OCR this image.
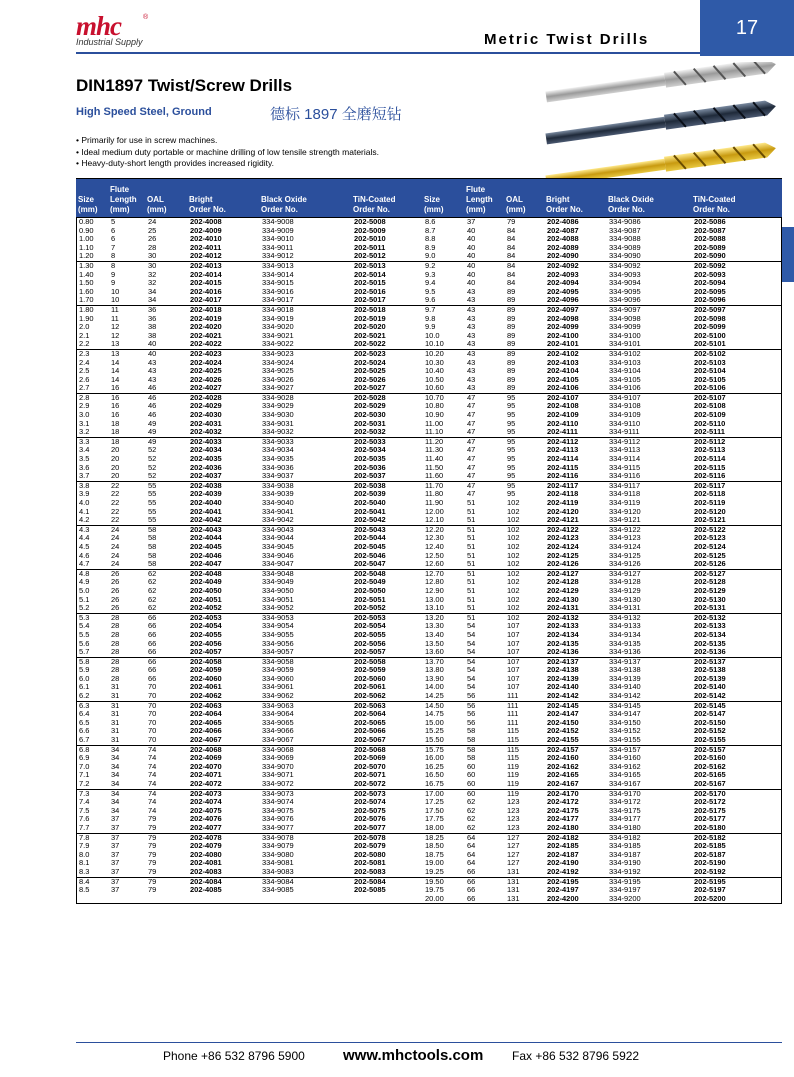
mhc	®
Industrial Supply	Metric Twist Drills
17
DIN1897 Twist/Screw Drills
High Speed Steel, Ground	德标 1897 全磨短钻
• Primarily for use in screw machines.
• Ideal medium duty portable or machine drilling of low tensile strength materials.
• Heavy-duty-short length provides increased rigidity.

Size
(mm)
Flute
Length
(mm)

OAL
(mm)

Bright
Order No.

Black Oxide
Order No.

TiN-Coated
Order No.

Size
(mm)
Flute
Length
(mm)

OAL
(mm)

Bright
Order No.

Black Oxide
Order No.

TiN-Coated
Order No.
0.80 5	24	202-4008	334-9008	202-5008	8.6	37	79	202-4086	334-9086	202-5086
0.90 6	25	202-4009	334-9009	202-5009	8.7	40	84	202-4087	334-9087	202-5087
1.00 6	26	202-4010	334-9010	202-5010	8.8	40	84	202-4088	334-9088	202-5088
1.10 7	28	202-4011	334-9011	202-5011	8.9	40	84	202-4089	334-9089	202-5089
1.20 8	30	202-4012	334-9012	202-5012	9.0	40	84	202-4090	334-9090	202-5090
1.30 8	30	202-4013	334-9013	202-5013	9.2	40	84	202-4092	334-9092	202-5092
1.40 9	32	202-4014	334-9014	202-5014	9.3	40	84	202-4093	334-9093	202-5093
1.50 9	32	202-4015	334-9015	202-5015	9.4	40	84	202-4094	334-9094	202-5094
1.60 10	34	202-4016	334-9016	202-5016	9.5	43	89	202-4095	334-9095	202-5095
1.70 10	34	202-4017	334-9017	202-5017	9.6	43	89	202-4096	334-9096	202-5096
1.80 11	36	202-4018	334-9018	202-5018	9.7	43	89	202-4097	334-9097	202-5097
1.90 11	36	202-4019	334-9019	202-5019	9.8	43	89	202-4098	334-9098	202-5098
2.0	12	38	202-4020	334-9020	202-5020	9.9	43	89	202-4099	334-9099	202-5099
2.1	12	38	202-4021	334-9021	202-5021	10.0	43	89	202-4100	334-9100	202-5100
2.2	13	40	202-4022	334-9022	202-5022	10.10	43	89	202-4101	334-9101	202-5101
2.3	13	40	202-4023	334-9023	202-5023	10.20	43	89	202-4102	334-9102	202-5102
2.4	14	43	202-4024	334-9024	202-5024	10.30	43	89	202-4103	334-9103	202-5103
2.5	14	43	202-4025	334-9025	202-5025	10.40	43	89	202-4104	334-9104	202-5104
2.6	14	43	202-4026	334-9026	202-5026	10.50	43	89	202-4105	334-9105	202-5105
2.7	16	46	202-4027	334-9027	202-5027	10.60	43	89	202-4106	334-9106	202-5106
2.8	16	46	202-4028	334-9028	202-5028	10.70	47	95	202-4107	334-9107	202-5107
2.9	16	46	202-4029	334-9029	202-5029	10.80	47	95	202-4108	334-9108	202-5108
3.0	16	46	202-4030	334-9030	202-5030	10.90	47	95	202-4109	334-9109	202-5109
3.1	18	49	202-4031	334-9031	202-5031	11.00	47	95	202-4110	334-9110	202-5110
3.2	18	49	202-4032	334-9032	202-5032	11.10	47	95	202-4111	334-9111	202-5111
3.3	18	49	202-4033	334-9033	202-5033	11.20	47	95	202-4112	334-9112	202-5112
3.4	20	52	202-4034	334-9034	202-5034	11.30	47	95	202-4113	334-9113	202-5113
3.5	20	52	202-4035	334-9035	202-5035	11.40	47	95	202-4114	334-9114	202-5114
3.6	20	52	202-4036	334-9036	202-5036	11.50	47	95	202-4115	334-9115	202-5115
3.7	20	52	202-4037	334-9037	202-5037	11.60	47	95	202-4116	334-9116	202-5116
3.8	22	55	202-4038	334-9038	202-5038	11.70	47	95	202-4117	334-9117	202-5117
3.9	22	55	202-4039	334-9039	202-5039	11.80	47	95	202-4118	334-9118	202-5118
4.0	22	55	202-4040	334-9040	202-5040	11.90	51	102	202-4119	334-9119	202-5119
4.1	22	55	202-4041	334-9041	202-5041	12.00	51	102	202-4120	334-9120	202-5120
4.2	22	55	202-4042	334-9042	202-5042	12.10	51	102	202-4121	334-9121	202-5121
4.3	24	58	202-4043	334-9043	202-5043	12.20	51	102	202-4122	334-9122	202-5122
4.4	24	58	202-4044	334-9044	202-5044	12.30	51	102	202-4123	334-9123	202-5123
4.5	24	58	202-4045	334-9045	202-5045	12.40	51	102	202-4124	334-9124	202-5124
4.6	24	58	202-4046	334-9046	202-5046	12.50	51	102	202-4125	334-9125	202-5125
4.7	24	58	202-4047	334-9047	202-5047	12.60	51	102	202-4126	334-9126	202-5126
4.8	26	62	202-4048	334-9048	202-5048	12.70	51	102	202-4127	334-9127	202-5127
4.9	26	62	202-4049	334-9049	202-5049	12.80	51	102	202-4128	334-9128	202-5128
5.0	26	62	202-4050	334-9050	202-5050	12.90	51	102	202-4129	334-9129	202-5129
5.1	26	62	202-4051	334-9051	202-5051	13.00	51	102	202-4130	334-9130	202-5130
5.2	26	62	202-4052	334-9052	202-5052	13.10	51	102	202-4131	334-9131	202-5131
5.3	28	66	202-4053	334-9053	202-5053	13.20	51	102	202-4132	334-9132	202-5132
5.4	28	66	202-4054	334-9054	202-5054	13.30	54	107	202-4133	334-9133	202-5133
5.5	28	66	202-4055	334-9055	202-5055	13.40	54	107	202-4134	334-9134	202-5134
5.6	28	66	202-4056	334-9056	202-5056	13.50	54	107	202-4135	334-9135	202-5135
5.7	28	66	202-4057	334-9057	202-5057	13.60	54	107	202-4136	334-9136	202-5136
5.8	28	66	202-4058	334-9058	202-5058	13.70	54	107	202-4137	334-9137	202-5137
5.9	28	66	202-4059	334-9059	202-5059	13.80	54	107	202-4138	334-9138	202-5138
6.0	28	66	202-4060	334-9060	202-5060	13.90	54	107	202-4139	334-9139	202-5139
6.1	31	70	202-4061	334-9061	202-5061	14.00	54	107	202-4140	334-9140	202-5140
6.2	31	70	202-4062	334-9062	202-5062	14.25	56	111	202-4142	334-9142	202-5142
6.3	31	70	202-4063	334-9063	202-5063	14.50	56	111	202-4145	334-9145	202-5145
6.4	31	70	202-4064	334-9064	202-5064	14.75	56	111	202-4147	334-9147	202-5147
6.5	31	70	202-4065	334-9065	202-5065	15.00	56	111	202-4150	334-9150	202-5150
6.6	31	70	202-4066	334-9066	202-5066	15.25	58	115	202-4152	334-9152	202-5152
6.7	31	70	202-4067	334-9067	202-5067	15.50	58	115	202-4155	334-9155	202-5155
6.8	34	74	202-4068	334-9068	202-5068	15.75	58	115	202-4157	334-9157	202-5157
6.9	34	74	202-4069	334-9069	202-5069	16.00	58	115	202-4160	334-9160	202-5160
7.0	34	74	202-4070	334-9070	202-5070	16.25	60	119	202-4162	334-9162	202-5162
7.1	34	74	202-4071	334-9071	202-5071	16.50	60	119	202-4165	334-9165	202-5165
7.2	34	74	202-4072	334-9072	202-5072	16.75	60	119	202-4167	334-9167	202-5167
7.3	34	74	202-4073	334-9073	202-5073	17.00	60	119	202-4170	334-9170	202-5170
7.4	34	74	202-4074	334-9074	202-5074	17.25	62	123	202-4172	334-9172	202-5172
7.5	34	74	202-4075	334-9075	202-5075	17.50	62	123	202-4175	334-9175	202-5175
7.6	37	79	202-4076	334-9076	202-5076	17.75	62	123	202-4177	334-9177	202-5177
7.7	37	79	202-4077	334-9077	202-5077	18.00	62	123	202-4180	334-9180	202-5180
7.8	37	79	202-4078	334-9078	202-5078	18.25	64	127	202-4182	334-9182	202-5182
7.9	37	79	202-4079	334-9079	202-5079	18.50	64	127	202-4185	334-9185	202-5185
8.0	37	79	202-4080	334-9080	202-5080	18.75	64	127	202-4187	334-9187	202-5187
8.1	37	79	202-4081	334-9081	202-5081	19.00	64	127	202-4190	334-9190	202-5190
8.3	37	79	202-4083	334-9083	202-5083	19.25	66	131	202-4192	334-9192	202-5192
8.4	37	79	202-4084	334-9084	202-5084	19.50	66	131	202-4195	334-9195	202-5195
8.5	37	79	202-4085	334-9085	202-5085	19.75	66	131	202-4197	334-9197	202-5197
20.00	66	131	202-4200	334-9200	202-5200
Phone +86 532 8796 5900	www.mhctools.com Fax +86 532 8796 5922
